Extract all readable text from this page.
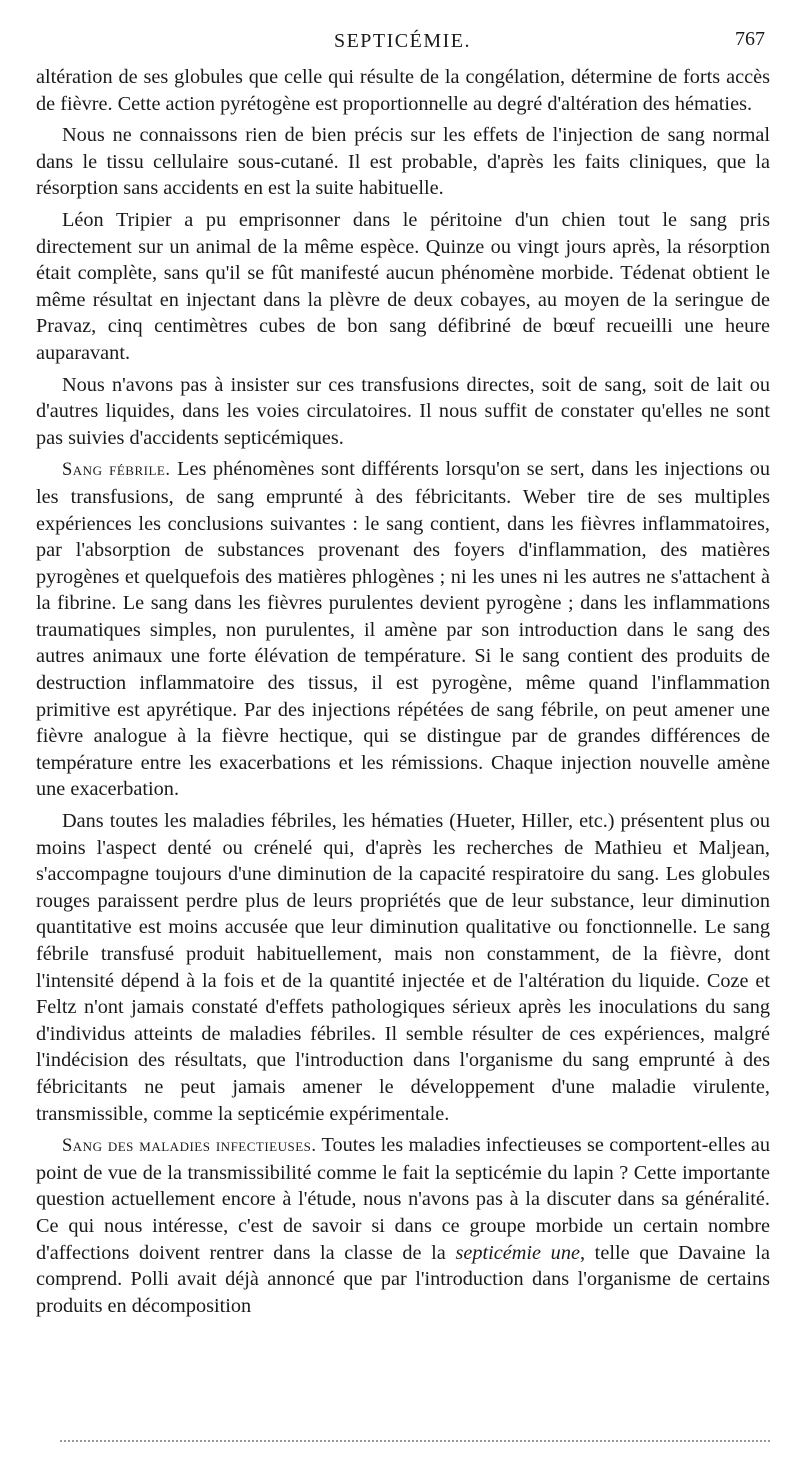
SEPTICÉMIE.	767

altération de ses globules que celle qui résulte de la congélation, détermine de forts accès de fièvre. Cette action pyrétogène est proportionnelle au degré d'altération des hématies.

Nous ne connaissons rien de bien précis sur les effets de l'injection de sang normal dans le tissu cellulaire sous-cutané. Il est probable, d'après les faits cliniques, que la résorption sans accidents en est la suite habituelle.

Léon Tripier a pu emprisonner dans le péritoine d'un chien tout le sang pris directement sur un animal de la même espèce. Quinze ou vingt jours après, la résorption était complète, sans qu'il se fût manifesté aucun phénomène morbide. Tédenat obtient le même résultat en injectant dans la plèvre de deux cobayes, au moyen de la seringue de Pravaz, cinq centimètres cubes de bon sang défibriné de bœuf recueilli une heure auparavant.

Nous n'avons pas à insister sur ces transfusions directes, soit de sang, soit de lait ou d'autres liquides, dans les voies circulatoires. Il nous suffit de constater qu'elles ne sont pas suivies d'accidents septicémiques.

Sang fébrile. Les phénomènes sont différents lorsqu'on se sert, dans les injections ou les transfusions, de sang emprunté à des fébricitants. Weber tire de ses multiples expériences les conclusions suivantes : le sang contient, dans les fièvres inflammatoires, par l'absorption de substances provenant des foyers d'inflammation, des matières pyrogènes et quelquefois des matières phlogènes ; ni les unes ni les autres ne s'attachent à la fibrine. Le sang dans les fièvres purulentes devient pyrogène ; dans les inflammations traumatiques simples, non purulentes, il amène par son introduction dans le sang des autres animaux une forte élévation de température. Si le sang contient des produits de destruction inflammatoire des tissus, il est pyrogène, même quand l'inflammation primitive est apyrétique. Par des injections répétées de sang fébrile, on peut amener une fièvre analogue à la fièvre hectique, qui se distingue par de grandes différences de température entre les exacerbations et les rémissions. Chaque injection nouvelle amène une exacerbation.

Dans toutes les maladies fébriles, les hématies (Hueter, Hiller, etc.) présentent plus ou moins l'aspect denté ou crénelé qui, d'après les recherches de Mathieu et Maljean, s'accompagne toujours d'une diminution de la capacité respiratoire du sang. Les globules rouges paraissent perdre plus de leurs propriétés que de leur substance, leur diminution quantitative est moins accusée que leur diminution qualitative ou fonctionnelle. Le sang fébrile transfusé produit habituellement, mais non constamment, de la fièvre, dont l'intensité dépend à la fois et de la quantité injectée et de l'altération du liquide. Coze et Feltz n'ont jamais constaté d'effets pathologiques sérieux après les inoculations du sang d'individus atteints de maladies fébriles. Il semble résulter de ces expériences, malgré l'indécision des résultats, que l'introduction dans l'organisme du sang emprunté à des fébricitants ne peut jamais amener le développement d'une maladie virulente, transmissible, comme la septicémie expérimentale.

Sang des maladies infectieuses. Toutes les maladies infectieuses se comportent-elles au point de vue de la transmissibilité comme le fait la septicémie du lapin ? Cette importante question actuellement encore à l'étude, nous n'avons pas à la discuter dans sa généralité. Ce qui nous intéresse, c'est de savoir si dans ce groupe morbide un certain nombre d'affections doivent rentrer dans la classe de la septicémie une, telle que Davaine la comprend. Polli avait déjà annoncé que par l'introduction dans l'organisme de certains produits en décomposition
